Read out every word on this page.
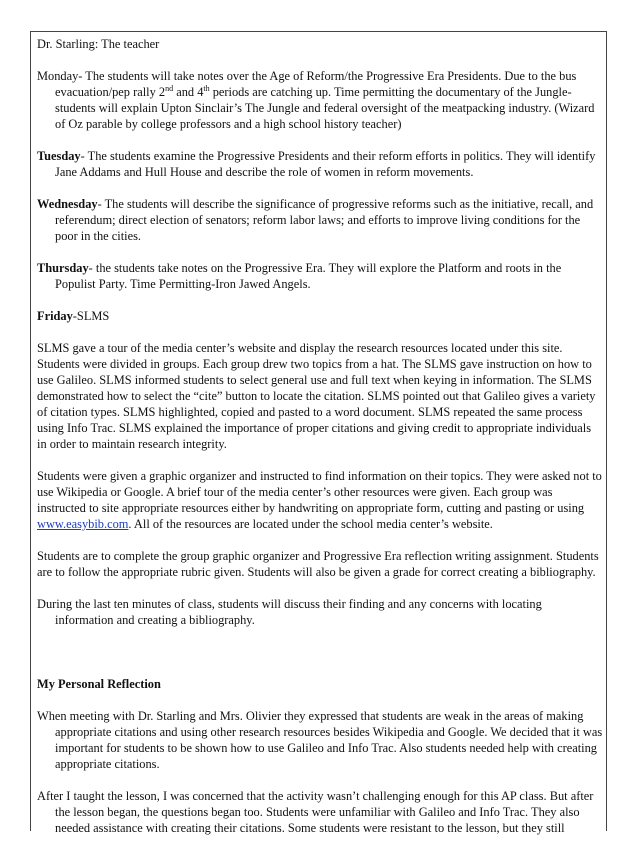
Dr. Starling: The teacher

Monday- The students will take notes over the Age of Reform/the Progressive Era Presidents. Due to the bus evacuation/pep rally 2nd and 4th periods are catching up. Time permitting the documentary of the Jungle-students will explain Upton Sinclair’s The Jungle and federal oversight of the meatpacking industry. (Wizard of Oz parable by college professors and a high school history teacher)

Tuesday- The students examine the Progressive Presidents and their reform efforts in politics. They will identify Jane Addams and Hull House and describe the role of women in reform movements.

Wednesday- The students will describe the significance of progressive reforms such as the initiative, recall, and referendum; direct election of senators; reform labor laws; and efforts to improve living conditions for the poor in the cities.

Thursday- the students take notes on the Progressive Era. They will explore the Platform and roots in the Populist Party. Time Permitting-Iron Jawed Angels.

Friday-SLMS

SLMS gave a tour of the media center’s website and display the research resources located under this site. Students were divided in groups. Each group drew two topics from a hat. The SLMS gave instruction on how to use Galileo. SLMS informed students to select general use and full text when keying in information. The SLMS demonstrated how to select the “cite” button to locate the citation. SLMS pointed out that Galileo gives a variety of citation types. SLMS highlighted, copied and pasted to a word document. SLMS repeated the same process using Info Trac. SLMS explained the importance of proper citations and giving credit to appropriate individuals in order to maintain research integrity.

Students were given a graphic organizer and instructed to find information on their topics. They were asked not to use Wikipedia or Google. A brief tour of the media center’s other resources were given. Each group was instructed to site appropriate resources either by handwriting on appropriate form, cutting and pasting or using www.easybib.com. All of the resources are located under the school media center’s website.

Students are to complete the group graphic organizer and Progressive Era reflection writing assignment. Students are to follow the appropriate rubric given. Students will also be given a grade for correct creating a bibliography.

During the last ten minutes of class, students will discuss their finding and any concerns with locating information and creating a bibliography.

My Personal Reflection

When meeting with Dr. Starling and Mrs. Olivier they expressed that students are weak in the areas of making appropriate citations and using other research resources besides Wikipedia and Google. We decided that it was important for students to be shown how to use Galileo and Info Trac. Also students needed help with creating appropriate citations.

After I taught the lesson, I was concerned that the activity wasn’t challenging enough for this AP class. But after the lesson began, the questions began too. Students were unfamiliar with Galileo and Info Trac. They also needed assistance with creating their citations. Some students were resistant to the lesson, but they still
